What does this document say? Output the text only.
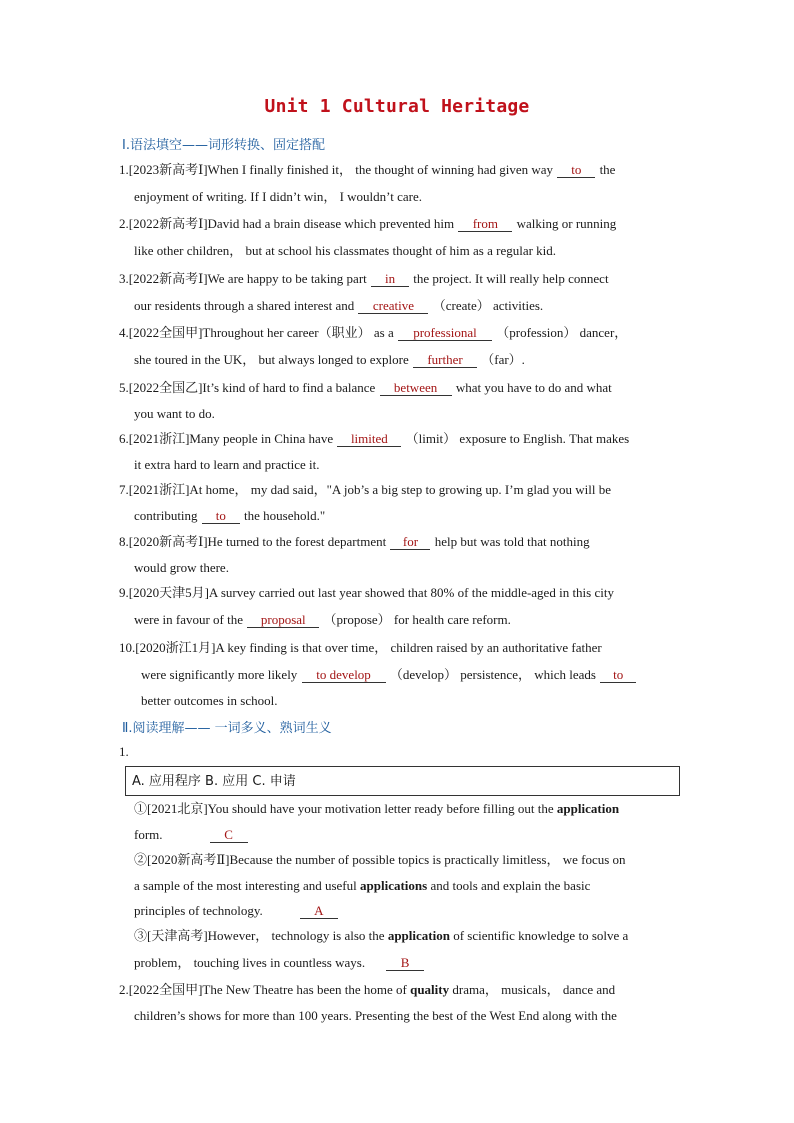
Unit 1 Cultural Heritage
Ⅰ.语法填空——词形转换、固定搭配
1.[2023新高考Ⅰ]When I finally finished it， the thought of winning had given way to the
enjoyment of writing. If I didn’t win， I wouldn’t care.
2.[2022新高考Ⅰ]David had a brain disease which prevented him from walking or running
like other children， but at school his classmates thought of him as a regular kid.
3.[2022新高考Ⅰ]We are happy to be taking part in the project. It will really help connect
our residents through a shared interest and creative （create） activities.
4.[2022全国甲]Throughout her career（职业） as a professional （profession） dancer，
she toured in the UK， but always longed to explore further （far）.
5.[2022全国乙]It’s kind of hard to find a balance between what you have to do and what
you want to do.
6.[2021浙江]Many people in China have limited （limit） exposure to English. That makes
it extra hard to learn and practice it.
7.[2021浙江]At home， my dad said，"A job’s a big step to growing up. I’m glad you will be
contributing to the household."
8.[2020新高考Ⅰ]He turned to the forest department for help but was told that nothing
would grow there.
9.[2020天津5月]A survey carried out last year showed that 80% of the middle-aged in this city
were in favour of the proposal （propose） for health care reform.
10.[2020浙江1月]A key finding is that over time， children raised by an authoritative father
were significantly more likely to develop （develop） persistence， which leads to
better outcomes in school.
Ⅱ.阅读理解—— 一词多义、熟词生义
1.
A. 应用程序 B. 应用 C. 申请
①[2021北京]You should have your motivation letter ready before filling out the application
form.	C
②[2020新高考Ⅱ]Because the number of possible topics is practically limitless， we focus on
a sample of the most interesting and useful applications and tools and explain the basic
principles of technology.	A
③[天津高考]However， technology is also the application of scientific knowledge to solve a
problem， touching lives in countless ways.	B
2.[2022全国甲]The New Theatre has been the home of quality drama， musicals， dance and
children’s shows for more than 100 years. Presenting the best of the West End along with the
